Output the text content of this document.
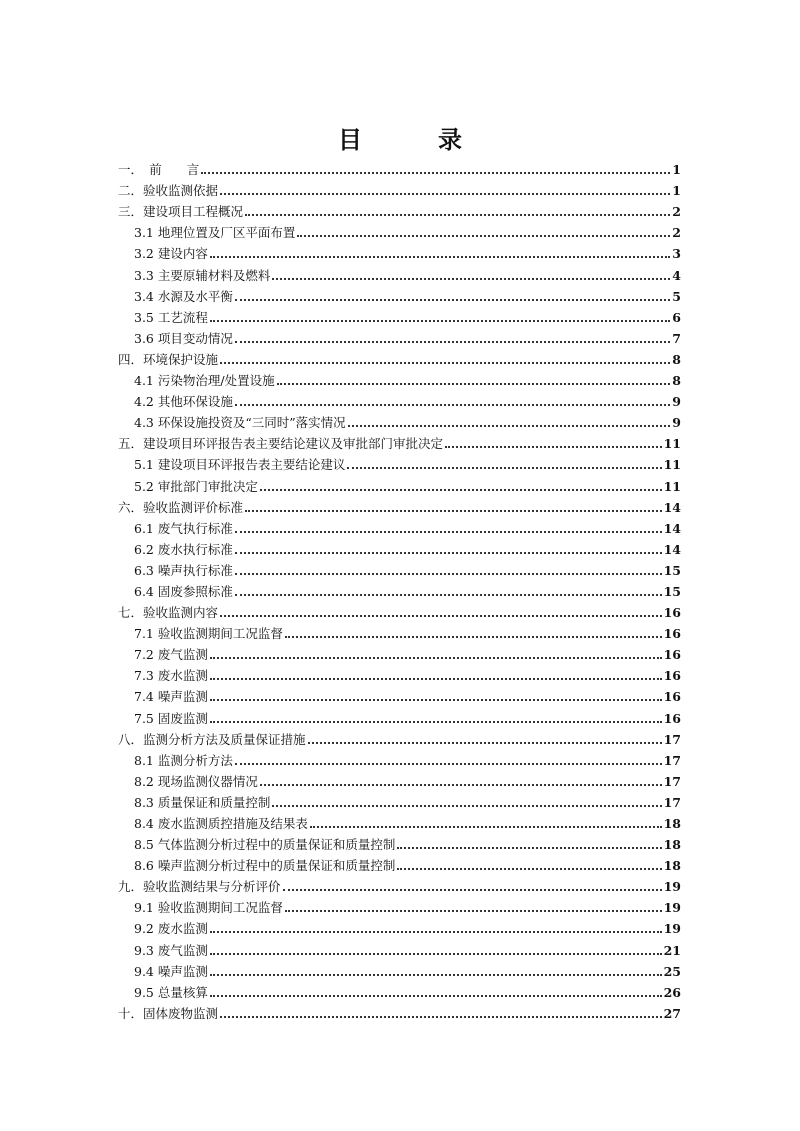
目　录
一．　前　　言	1
二．验收监测依据	1
三．建设项目工程概况	2
3.1 地理位置及厂区平面布置	2
3.2 建设内容	3
3.3 主要原辅材料及燃料	4
3.4 水源及水平衡	5
3.5 工艺流程	6
3.6 项目变动情况	7
四．环境保护设施	8
4.1 污染物治理/处置设施	8
4.2 其他环保设施	9
4.3 环保设施投资及“三同时”落实情况	9
五．建设项目环评报告表主要结论建议及审批部门审批决定	11
5.1 建设项目环评报告表主要结论建议	11
5.2 审批部门审批决定	11
六．验收监测评价标准	14
6.1 废气执行标准	14
6.2 废水执行标准	14
6.3 噪声执行标准	15
6.4 固废参照标准	15
七．验收监测内容	16
7.1 验收监测期间工况监督	16
7.2 废气监测	16
7.3 废水监测	16
7.4 噪声监测	16
7.5 固废监测	16
八．监测分析方法及质量保证措施	17
8.1 监测分析方法	17
8.2 现场监测仪器情况	17
8.3 质量保证和质量控制	17
8.4 废水监测质控措施及结果表	18
8.5 气体监测分析过程中的质量保证和质量控制	18
8.6 噪声监测分析过程中的质量保证和质量控制	18
九．验收监测结果与分析评价	19
9.1 验收监测期间工况监督	19
9.2 废水监测	19
9.3 废气监测	21
9.4 噪声监测	25
9.5 总量核算	26
十．固体废物监测	27
